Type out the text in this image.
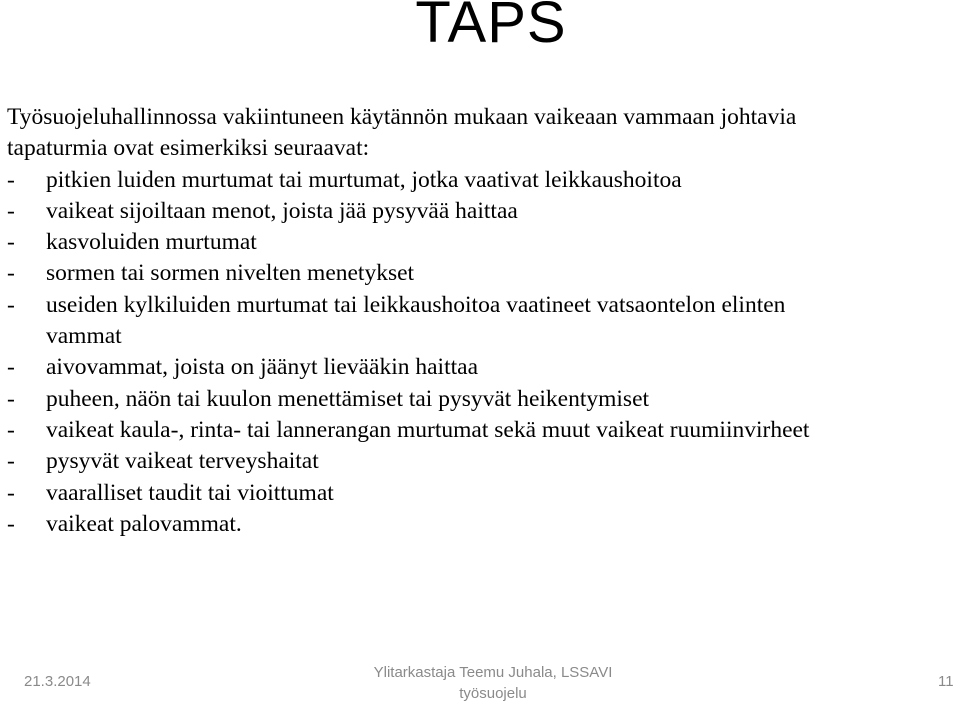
TAPS
Työsuojeluhallinnossa vakiintuneen käytännön mukaan vaikeaan vammaan johtavia
tapaturmia ovat esimerkiksi seuraavat:
- pitkien luiden murtumat tai murtumat, jotka vaativat leikkaushoitoa
- vaikeat sijoiltaan menot, joista jää pysyvää haittaa
- kasvoluiden murtumat
- sormen tai sormen nivelten menetykset
- useiden kylkiluiden murtumat tai leikkaushoitoa vaatineet vatsaontelon elinten
vammat
- aivovammat, joista on jäänyt lievääkin haittaa
- puheen, näön tai kuulon menettämiset tai pysyvät heikentymiset
- vaikeat kaula-, rinta- tai lannerangan murtumat sekä muut vaikeat ruumiinvirheet
- pysyvät vaikeat terveyshaitat
- vaaralliset taudit tai vioittumat
- vaikeat palovammat.
21.3.2014
Ylitarkastaja Teemu Juhala, LSSAVI
työsuojelu
11
